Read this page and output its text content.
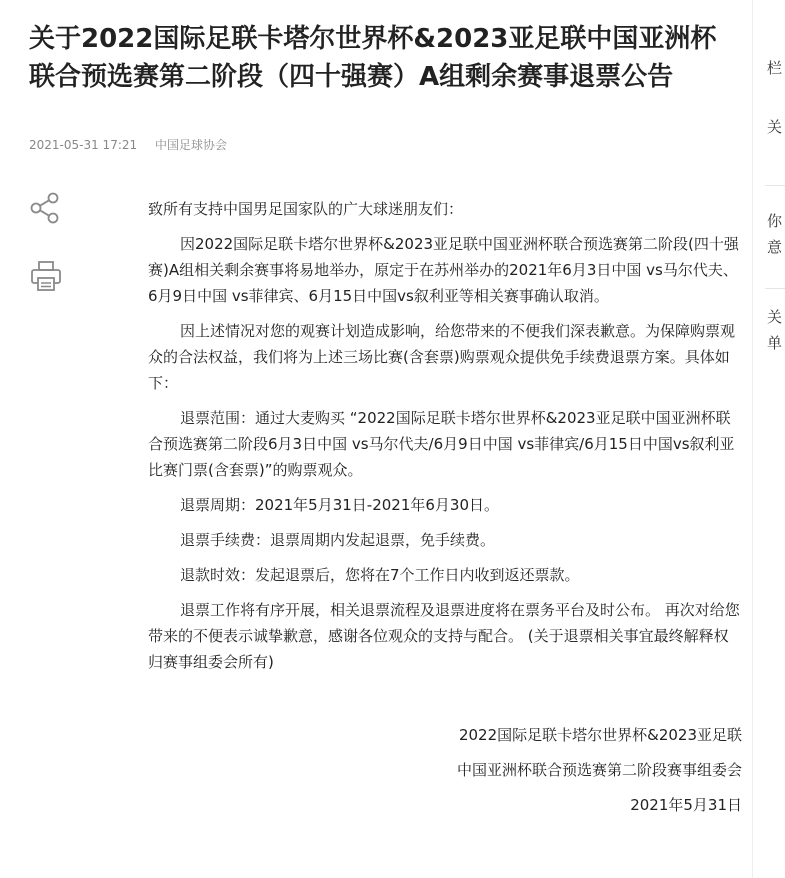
关于2022国际足联卡塔尔世界杯&2023亚足联中国亚洲杯联合预选赛第二阶段（四十强赛）A组剩余赛事退票公告
2021-05-31 17:21 中国足球协会

致所有支持中国男足国家队的广大球迷朋友们：

因2022国际足联卡塔尔世界杯&2023亚足联中国亚洲杯联合预选赛第二阶段(四十强赛)A组相关剩余赛事将易地举办，原定于在苏州举办的2021年6月3日中国 vs马尔代夫、6月9日中国 vs菲律宾、6月15日中国vs叙利亚等相关赛事确认取消。

因上述情况对您的观赛计划造成影响，给您带来的不便我们深表歉意。为保障购票观众的合法权益，我们将为上述三场比赛(含套票)购票观众提供免手续费退票方案。具体如下：

退票范围：通过大麦购买 “2022国际足联卡塔尔世界杯&2023亚足联中国亚洲杯联合预选赛第二阶段6月3日中国 vs马尔代夫/6月9日中国 vs菲律宾/6月15日中国vs叙利亚比赛门票(含套票)”的购票观众。

退票周期：2021年5月31日-2021年6月30日。

退票手续费：退票周期内发起退票，免手续费。

退款时效：发起退票后，您将在7个工作日内收到返还票款。

退票工作将有序开展，相关退票流程及退票进度将在票务平台及时公布。 再次对给您带来的不便表示诚挚歉意，感谢各位观众的支持与配合。 (关于退票相关事宜最终解释权归赛事组委会所有)

2022国际足联卡塔尔世界杯&2023亚足联

中国亚洲杯联合预选赛第二阶段赛事组委会

2021年5月31日

栏
关
你
意
关
单
